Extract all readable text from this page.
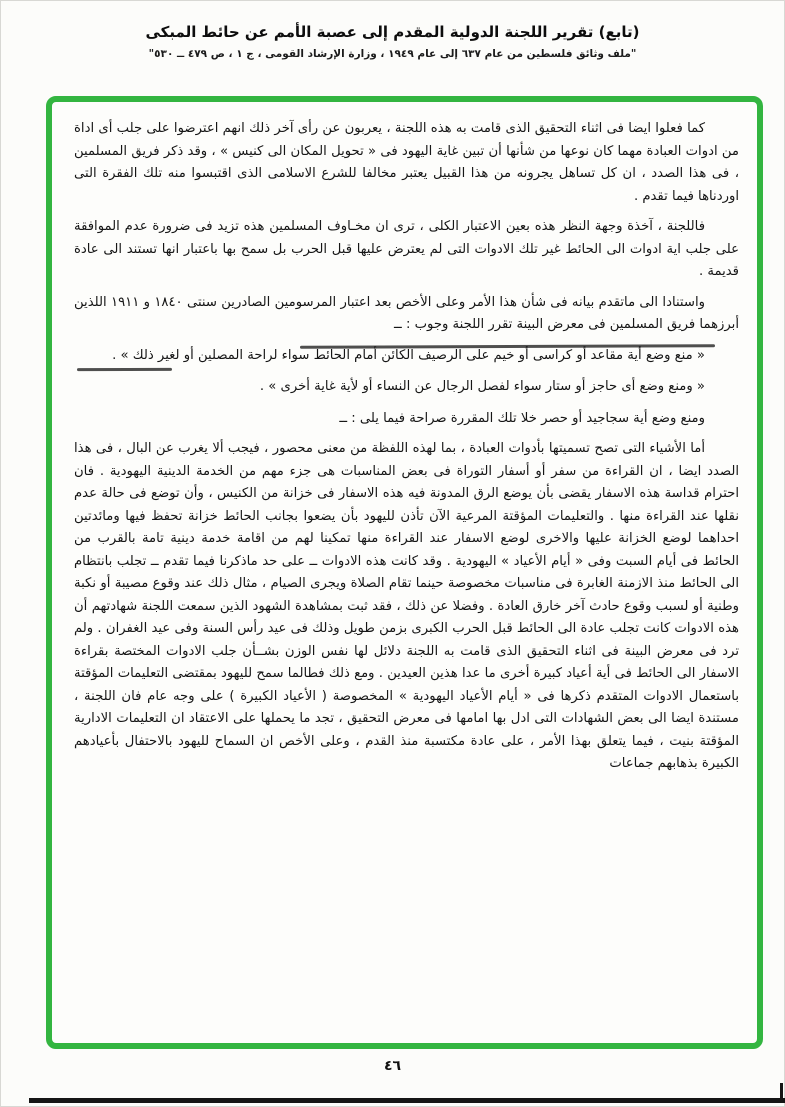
(تابع) تقرير اللجنة الدولية المقدم إلى عصبة الأمم عن حائط المبكى
"ملف وثائق فلسطين من عام ٦٣٧ إلى عام ١٩٤٩ ، وزارة الإرشاد القومى ، ج ١ ، ص ٤٧٩ ــ ٥٣٠"

كما فعلوا ايضا فى اثناء التحقيق الذى قامت به هذه اللجنة ، يعربون عن رأى آخر ذلك انهم اعترضوا على جلب أى اداة من ادوات العبادة مهما كان نوعها من شأنها أن تبين غاية اليهود فى « تحويل المكان الى كنيس » ، وقد ذكر فريق المسلمين ، فى هذا الصدد ، ان كل تساهل يجرونه من هذا القبيل يعتبر مخالفا للشرع الاسلامى الذى اقتبسوا منه تلك الفقرة التى اوردناها فيما تقدم .

فاللجنة ، آخذة وجهة النظر هذه بعين الاعتبار الكلى ، ترى ان مخـاوف المسلمين هذه تزيد فى ضرورة عدم الموافقة على جلب اية ادوات الى الحائط غير تلك الادوات التى لم يعترض عليها قبل الحرب بل سمح بها باعتبار انها تستند الى عادة قديمة .

واستنادا الى ماتقدم بيانه فى شأن هذا الأمر وعلى الأخص بعد اعتبار المرسومين الصادرين سنتى ١٨٤٠ و ١٩١١ اللذين أبرزهما فريق المسلمين فى معرض البينة تقرر اللجنة وجوب : ــ

« منع وضع أية مقاعد أو كراسى أو خيم على الرصيف الكائن أمام الحائط سواء لراحة المصلين أو لغير ذلك » .

« ومنع وضع أى حاجز أو ستار سواء لفصل الرجال عن النساء أو لأية غاية أخرى » .

ومنع وضع أية سجاجيد أو حصر خلا تلك المقررة صراحة فيما يلى : ــ

أما الأشياء التى تصح تسميتها بأدوات العبادة ، بما لهذه اللفظة من معنى محصور ، فيجب ألا يغرب عن البال ، فى هذا الصدد ايضا ، ان القراءة من سفر أو أسفار التوراة فى بعض المناسبات هى جزء مهم من الخدمة الدينية اليهودية . فان احترام قداسة هذه الاسفار يقضى بأن يوضع الرق المدونة فيه هذه الاسفار فى خزانة من الكنيس ، وأن توضع فى حالة عدم نقلها عند القراءة منها . والتعليمات المؤقتة المرعية الآن تأذن لليهود بأن يضعوا بجانب الحائط خزانة تحفظ فيها ومائدتين احداهما لوضع الخزانة عليها والاخرى لوضع الاسفار عند القراءة منها تمكينا لهم من اقامة خدمة دينية تامة بالقرب من الحائط فى أيام السبت وفى « أيام الأعياد » اليهودية . وقد كانت هذه الادوات ــ على حد ماذكرنا فيما تقدم ــ تجلب بانتظام الى الحائط منذ الازمنة الغابرة فى مناسبات مخصوصة حينما تقام الصلاة ويجرى الصيام ، مثال ذلك عند وقوع مصيبة أو نكبة وطنية أو لسبب وقوع حادث آخر خارق العادة . وفضلا عن ذلك ، فقد ثبت بمشاهدة الشهود الذين سمعت اللجنة شهادتهم أن هذه الادوات كانت تجلب عادة الى الحائط قبل الحرب الكبرى بزمن طويل وذلك فى عيد رأس السنة وفى عيد الغفران . ولم ترد فى معرض البينة فى اثناء التحقيق الذى قامت به اللجنة دلائل لها نفس الوزن بشــأن جلب الادوات المختصة بقراءة الاسفار الى الحائط فى أية أعياد كبيرة أخرى ما عدا هذين العيدين . ومع ذلك فطالما سمح لليهود بمقتضى التعليمات المؤقتة باستعمال الادوات المتقدم ذكرها فى « أيام الأعياد اليهودية » المخصوصة ( الأعياد الكبيرة ) على وجه عام فان اللجنة ، مستندة ايضا الى بعض الشهادات التى ادل بها امامها فى معرض التحقيق ، تجد ما يحملها على الاعتقاد ان التعليمات الادارية المؤقتة بنيت ، فيما يتعلق بهذا الأمر ، على عادة مكتسبة منذ القدم ، وعلى الأخص ان السماح لليهود بالاحتفال بأعيادهم الكبيرة بذهابهم جماعات

٤٦
